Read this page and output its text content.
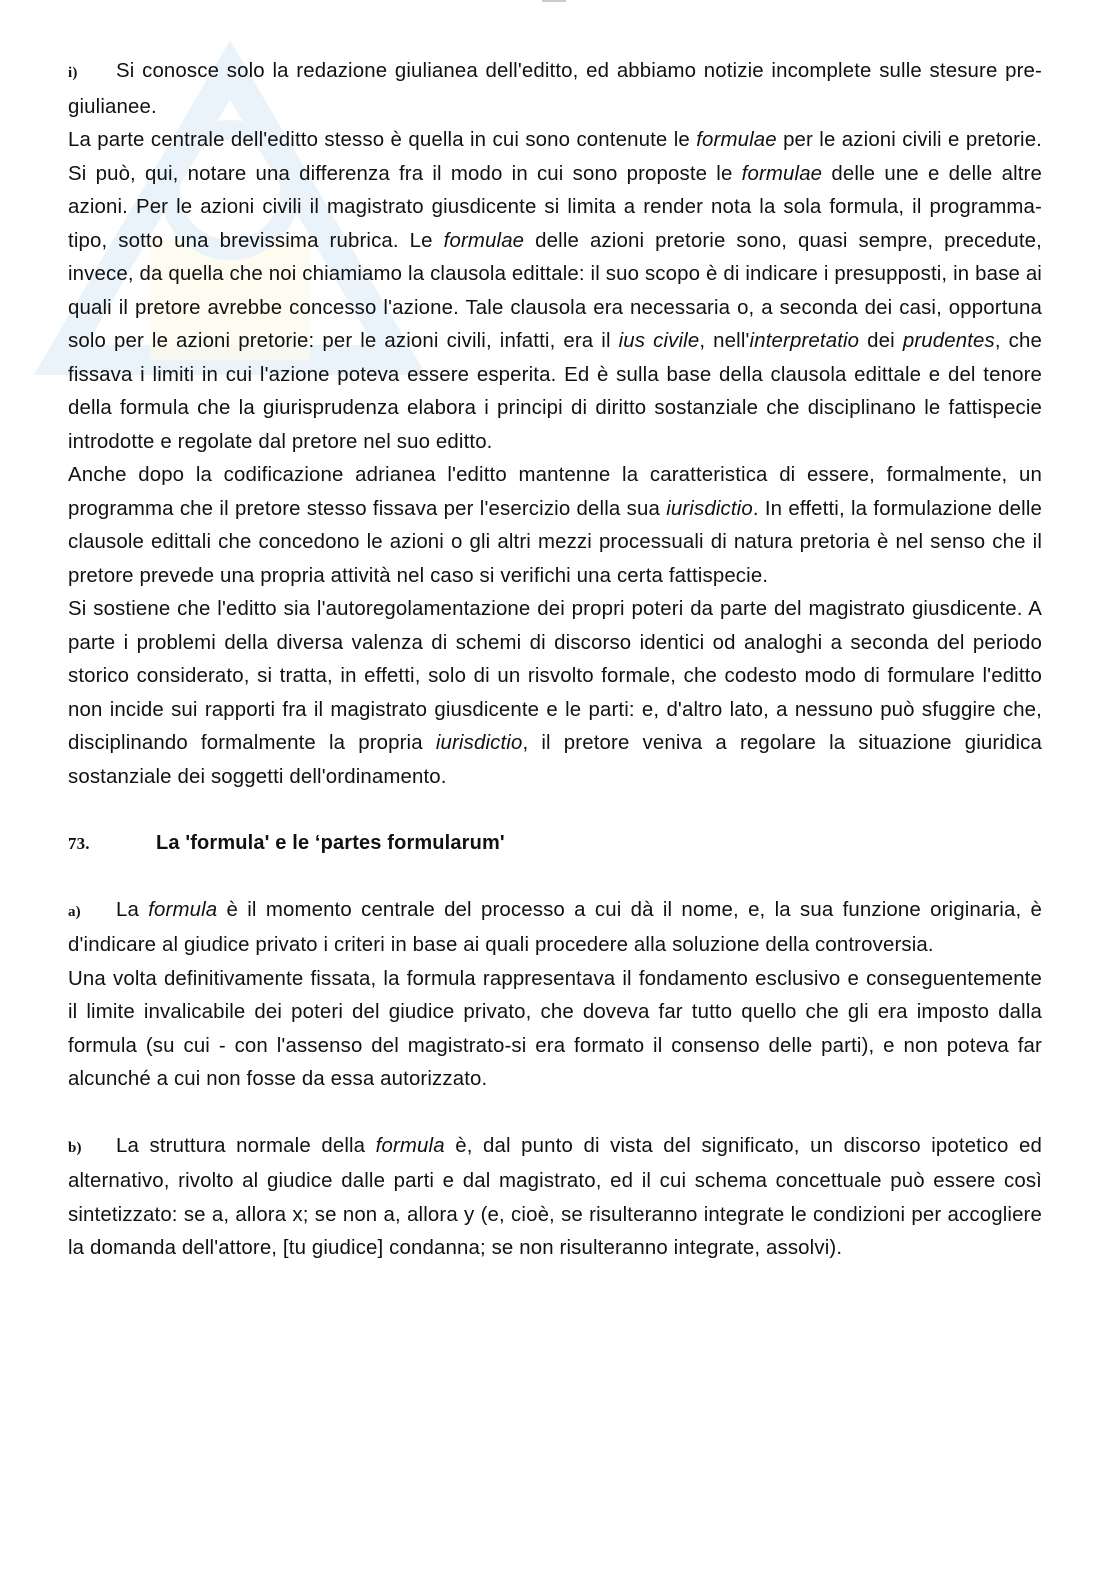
i) Si conosce solo la redazione giulianea dell'editto, ed abbiamo notizie incomplete sulle stesure pre-giulianee.

La parte centrale dell'editto stesso è quella in cui sono contenute le formulae per le azioni civili e pretorie. Si può, qui, notare una differenza fra il modo in cui sono proposte le formulae delle une e delle altre azioni. Per le azioni civili il magistrato giusdicente si limita a render nota la sola formula, il programma-tipo, sotto una brevissima rubrica. Le formulae delle azioni pretorie sono, quasi sempre, precedute, invece, da quella che noi chiamiamo la clausola edittale: il suo scopo è di indicare i presupposti, in base ai quali il pretore avrebbe concesso l'azione. Tale clausola era necessaria o, a seconda dei casi, opportuna solo per le azioni pretorie: per le azioni civili, infatti, era il ius civile, nell'interpretatio dei prudentes, che fissava i limiti in cui l'azione poteva essere esperita. Ed è sulla base della clausola edittale e del tenore della formula che la giurisprudenza elabora i principi di diritto sostanziale che disciplinano le fattispecie introdotte e regolate dal pretore nel suo editto.

Anche dopo la codificazione adrianea l'editto mantenne la caratteristica di essere, formalmente, un programma che il pretore stesso fissava per l'esercizio della sua iurisdictio. In effetti, la formulazione delle clausole edittali che concedono le azioni o gli altri mezzi processuali di natura pretoria è nel senso che il pretore prevede una propria attività nel caso si verifichi una certa fattispecie.

Si sostiene che l'editto sia l'autoregolamentazione dei propri poteri da parte del magistrato giusdicente. A parte i problemi della diversa valenza di schemi di discorso identici od analoghi a seconda del periodo storico considerato, si tratta, in effetti, solo di un risvolto formale, che codesto modo di formulare l'editto non incide sui rapporti fra il magistrato giusdicente e le parti: e, d'altro lato, a nessuno può sfuggire che, disciplinando formalmente la propria iurisdictio, il pretore veniva a regolare la situazione giuridica sostanziale dei soggetti dell'ordinamento.

73.	La 'formula' e le ‘partes formularum'

a) La formula è il momento centrale del processo a cui dà il nome, e, la sua funzione originaria, è d'indicare al giudice privato i criteri in base ai quali procedere alla soluzione della controversia.

Una volta definitivamente fissata, la formula rappresentava il fondamento esclusivo e conseguentemente il limite invalicabile dei poteri del giudice privato, che doveva far tutto quello che gli era imposto dalla formula (su cui - con l'assenso del magistrato-si era formato il consenso delle parti), e non poteva far alcunché a cui non fosse da essa autorizzato.

b) La struttura normale della formula è, dal punto di vista del significato, un discorso ipotetico ed alternativo, rivolto al giudice dalle parti e dal magistrato, ed il cui schema concettuale può essere così sintetizzato: se a, allora x; se non a, allora y (e, cioè, se risulteranno integrate le condizioni per accogliere la domanda dell'attore, [tu giudice] condanna; se non risulteranno integrate, assolvi).
